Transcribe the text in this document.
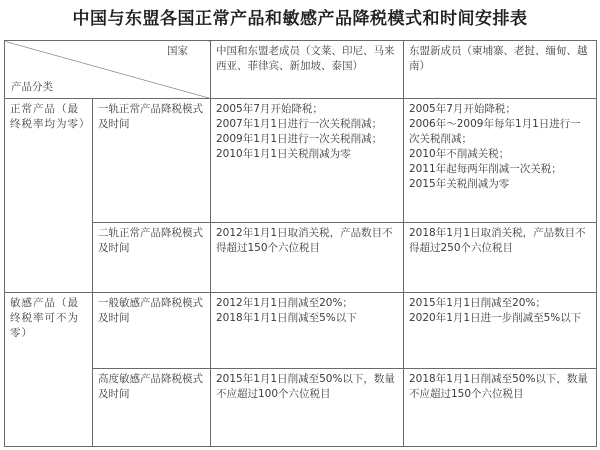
中国与东盟各国正常产品和敏感产品降税模式和时间安排表
国家
产品分类		中国和东盟老成员（文莱、印尼、马来西亚、菲律宾、新加坡、泰国）	东盟新成员（柬埔寨、老挝、缅甸、越南）
正常产品（最终税率均为零）	一轨正常产品降税模式及时间	2005年7月开始降税；
2007年1月1日进行一次关税削减；
2009年1月1日进行一次关税削减；
2010年1月1日关税削减为零	2005年7月开始降税；
2006年～2009年每年1月1日进行一次关税削减；
2010年不削减关税；
2011年起每两年削减一次关税；
2015年关税削减为零

	二轨正常产品降税模式及时间	2012年1月1日取消关税，产品数目不得超过150个六位税目	2018年1月1日取消关税，产品数目不得超过250个六位税目

敏感产品（最终税率可不为零）	一般敏感产品降税模式及时间	2012年1月1日削减至20%；
2018年1月1日削减至5%以下	2015年1月1日削减至20%；
2020年1月1日进一步削减至5%以下

	高度敏感产品降税模式及时间	2015年1月1日削减至50%以下，数量不应超过100个六位税目	2018年1月1日削减至50%以下，数量不应超过150个六位税目
